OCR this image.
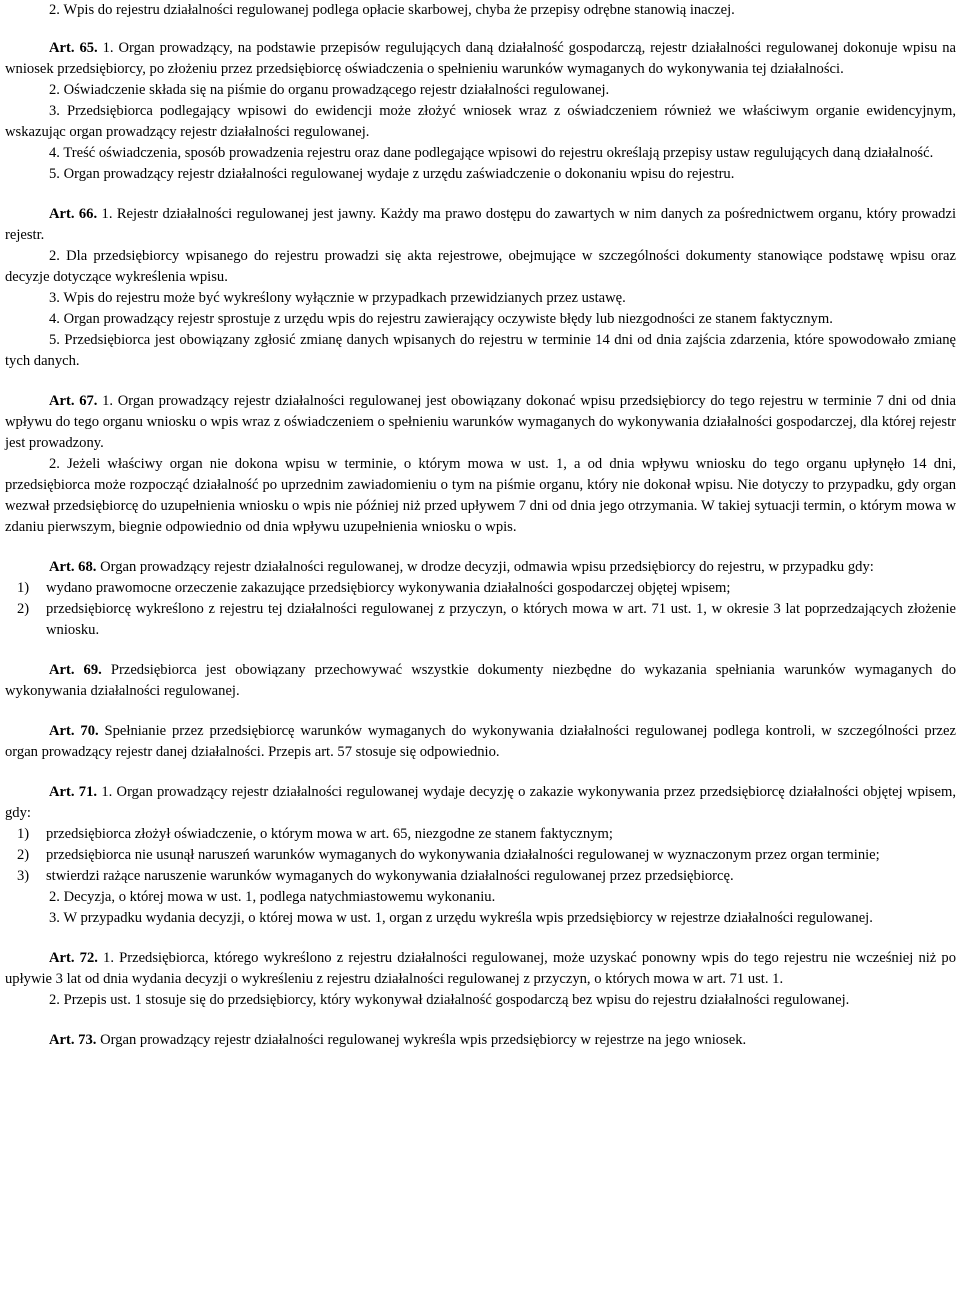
2. Wpis do rejestru działalności regulowanej podlega opłacie skarbowej, chyba że przepisy odrębne stanowią inaczej.

Art. 65. 1. Organ prowadzący, na podstawie przepisów regulujących daną działalność gospodarczą, rejestr działalności regulowanej dokonuje wpisu na wniosek przedsiębiorcy, po złożeniu przez przedsiębiorcę oświadczenia o spełnieniu warunków wymaganych do wykonywania tej działalności.

2. Oświadczenie składa się na piśmie do organu prowadzącego rejestr działalności regulowanej.

3. Przedsiębiorca podlegający wpisowi do ewidencji może złożyć wniosek wraz z oświadczeniem również we właściwym organie ewidencyjnym, wskazując organ prowadzący rejestr działalności regulowanej.

4. Treść oświadczenia, sposób prowadzenia rejestru oraz dane podlegające wpisowi do rejestru określają przepisy ustaw regulujących daną działalność.

5. Organ prowadzący rejestr działalności regulowanej wydaje z urzędu zaświadczenie o dokonaniu wpisu do rejestru.

Art. 66. 1. Rejestr działalności regulowanej jest jawny. Każdy ma prawo dostępu do zawartych w nim danych za pośrednictwem organu, który prowadzi rejestr.

2. Dla przedsiębiorcy wpisanego do rejestru prowadzi się akta rejestrowe, obejmujące w szczególności dokumenty stanowiące podstawę wpisu oraz decyzje dotyczące wykreślenia wpisu.

3. Wpis do rejestru może być wykreślony wyłącznie w przypadkach przewidzianych przez ustawę.

4. Organ prowadzący rejestr sprostuje z urzędu wpis do rejestru zawierający oczywiste błędy lub niezgodności ze stanem faktycznym.

5. Przedsiębiorca jest obowiązany zgłosić zmianę danych wpisanych do rejestru w terminie 14 dni od dnia zajścia zdarzenia, które spowodowało zmianę tych danych.

Art. 67. 1. Organ prowadzący rejestr działalności regulowanej jest obowiązany dokonać wpisu przedsiębiorcy do tego rejestru w terminie 7 dni od dnia wpływu do tego organu wniosku o wpis wraz z oświadczeniem o spełnieniu warunków wymaganych do wykonywania działalności gospodarczej, dla której rejestr jest prowadzony.

2. Jeżeli właściwy organ nie dokona wpisu w terminie, o którym mowa w ust. 1, a od dnia wpływu wniosku do tego organu upłynęło 14 dni, przedsiębiorca może rozpocząć działalność po uprzednim zawiadomieniu o tym na piśmie organu, który nie dokonał wpisu. Nie dotyczy to przypadku, gdy organ wezwał przedsiębiorcę do uzupełnienia wniosku o wpis nie później niż przed upływem 7 dni od dnia jego otrzymania. W takiej sytuacji termin, o którym mowa w zdaniu pierwszym, biegnie odpowiednio od dnia wpływu uzupełnienia wniosku o wpis.

Art. 68. Organ prowadzący rejestr działalności regulowanej, w drodze decyzji, odmawia wpisu przedsiębiorcy do rejestru, w przypadku gdy:

1) wydano prawomocne orzeczenie zakazujące przedsiębiorcy wykonywania działalności gospodarczej objętej wpisem;
2) przedsiębiorcę wykreślono z rejestru tej działalności regulowanej z przyczyn, o których mowa w art. 71 ust. 1, w okresie 3 lat poprzedzających złożenie wniosku.

Art. 69. Przedsiębiorca jest obowiązany przechowywać wszystkie dokumenty niezbędne do wykazania spełniania warunków wymaganych do wykonywania działalności regulowanej.

Art. 70. Spełnianie przez przedsiębiorcę warunków wymaganych do wykonywania działalności regulowanej podlega kontroli, w szczególności przez organ prowadzący rejestr danej działalności. Przepis art. 57 stosuje się odpowiednio.

Art. 71. 1. Organ prowadzący rejestr działalności regulowanej wydaje decyzję o zakazie wykonywania przez przedsiębiorcę działalności objętej wpisem, gdy:

1) przedsiębiorca złożył oświadczenie, o którym mowa w art. 65, niezgodne ze stanem faktycznym;
2) przedsiębiorca nie usunął naruszeń warunków wymaganych do wykonywania działalności regulowanej w wyznaczonym przez organ terminie;
3) stwierdzi rażące naruszenie warunków wymaganych do wykonywania działalności regulowanej przez przedsiębiorcę.

2. Decyzja, o której mowa w ust. 1, podlega natychmiastowemu wykonaniu.

3. W przypadku wydania decyzji, o której mowa w ust. 1, organ z urzędu wykreśla wpis przedsiębiorcy w rejestrze działalności regulowanej.

Art. 72. 1. Przedsiębiorca, którego wykreślono z rejestru działalności regulowanej, może uzyskać ponowny wpis do tego rejestru nie wcześniej niż po upływie 3 lat od dnia wydania decyzji o wykreśleniu z rejestru działalności regulowanej z przyczyn, o których mowa w art. 71 ust. 1.

2. Przepis ust. 1 stosuje się do przedsiębiorcy, który wykonywał działalność gospodarczą bez wpisu do rejestru działalności regulowanej.

Art. 73. Organ prowadzący rejestr działalności regulowanej wykreśla wpis przedsiębiorcy w rejestrze na jego wniosek.
